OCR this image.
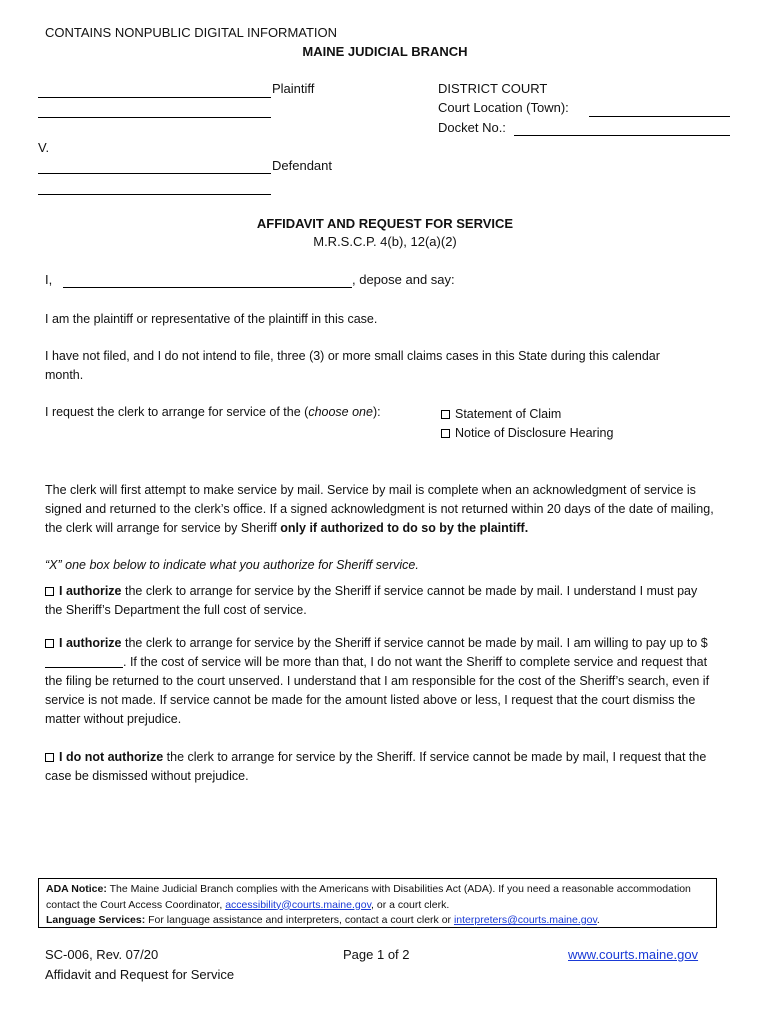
CONTAINS NONPUBLIC DIGITAL INFORMATION
MAINE JUDICIAL BRANCH
Plaintiff
V.
Defendant
DISTRICT COURT
Court Location (Town):
Docket No.:
AFFIDAVIT AND REQUEST FOR SERVICE
M.R.S.C.P. 4(b), 12(a)(2)
I,	, depose and say:
I am the plaintiff or representative of the plaintiff in this case.
I have not filed, and I do not intend to file, three (3) or more small claims cases in this State during this calendar month.
I request the clerk to arrange for service of the (choose one):	Statement of Claim
Notice of Disclosure Hearing
The clerk will first attempt to make service by mail. Service by mail is complete when an acknowledgment of service is signed and returned to the clerk’s office. If a signed acknowledgment is not returned within 20 days of the date of mailing, the clerk will arrange for service by Sheriff only if authorized to do so by the plaintiff.
“X” one box below to indicate what you authorize for Sheriff service.
I authorize the clerk to arrange for service by the Sheriff if service cannot be made by mail. I understand I must pay the Sheriff’s Department the full cost of service.
I authorize the clerk to arrange for service by the Sheriff if service cannot be made by mail. I am willing to pay up to $ . If the cost of service will be more than that, I do not want the Sheriff to complete service and request that the filing be returned to the court unserved. I understand that I am responsible for the cost of the Sheriff’s search, even if service is not made. If service cannot be made for the amount listed above or less, I request that the court dismiss the matter without prejudice.
I do not authorize the clerk to arrange for service by the Sheriff. If service cannot be made by mail, I request that the case be dismissed without prejudice.
ADA Notice: The Maine Judicial Branch complies with the Americans with Disabilities Act (ADA). If you need a reasonable accommodation contact the Court Access Coordinator, accessibility@courts.maine.gov, or a court clerk.
Language Services: For language assistance and interpreters, contact a court clerk or interpreters@courts.maine.gov.
SC-006, Rev. 07/20
Affidavit and Request for Service
Page 1 of 2	www.courts.maine.gov
